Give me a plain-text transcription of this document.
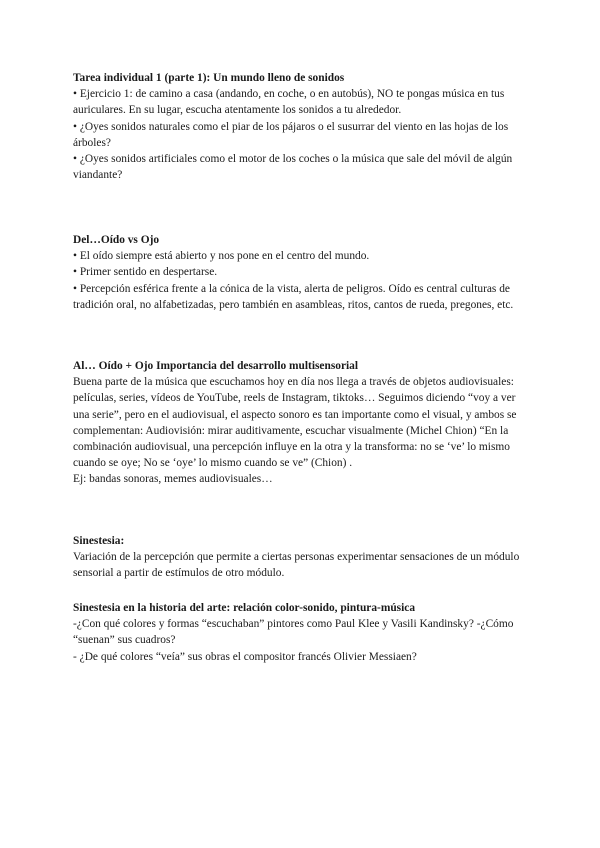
Tarea individual 1 (parte 1): Un mundo lleno de sonidos

• Ejercicio 1: de camino a casa (andando, en coche, o en autobús), NO te pongas música en tus auriculares. En su lugar, escucha atentamente los sonidos a tu alrededor.

• ¿Oyes sonidos naturales como el piar de los pájaros o el susurrar del viento en las hojas de los árboles?

• ¿Oyes sonidos artificiales como el motor de los coches o la música que sale del móvil de algún viandante?

Del…Oído vs Ojo

• El oído siempre está abierto y nos pone en el centro del mundo.

• Primer sentido en despertarse.

• Percepción esférica frente a la cónica de la vista, alerta de peligros. Oído es central culturas de tradición oral, no alfabetizadas, pero también en asambleas, ritos, cantos de rueda, pregones, etc.

Al… Oído + Ojo Importancia del desarrollo multisensorial

Buena parte de la música que escuchamos hoy en día nos llega a través de objetos audiovisuales: películas, series, vídeos de YouTube, reels de Instagram, tiktoks… Seguimos diciendo “voy a ver una serie”, pero en el audiovisual, el aspecto sonoro es tan importante como el visual, y ambos se complementan: Audiovisión: mirar auditivamente, escuchar visualmente (Michel Chion) “En la combinación audiovisual, una percepción influye en la otra y la transforma: no se ‘ve’ lo mismo cuando se oye; No se ‘oye’ lo mismo cuando se ve” (Chion) .

Ej: bandas sonoras, memes audiovisuales…

Sinestesia:

Variación de la percepción que permite a ciertas personas experimentar sensaciones de un módulo sensorial a partir de estímulos de otro módulo.

Sinestesia en la historia del arte: relación color-sonido, pintura-música

-¿Con qué colores y formas “escuchaban” pintores como Paul Klee y Vasili Kandinsky? -¿Cómo “suenan” sus cuadros?

- ¿De qué colores “veía” sus obras el compositor francés Olivier Messiaen?
